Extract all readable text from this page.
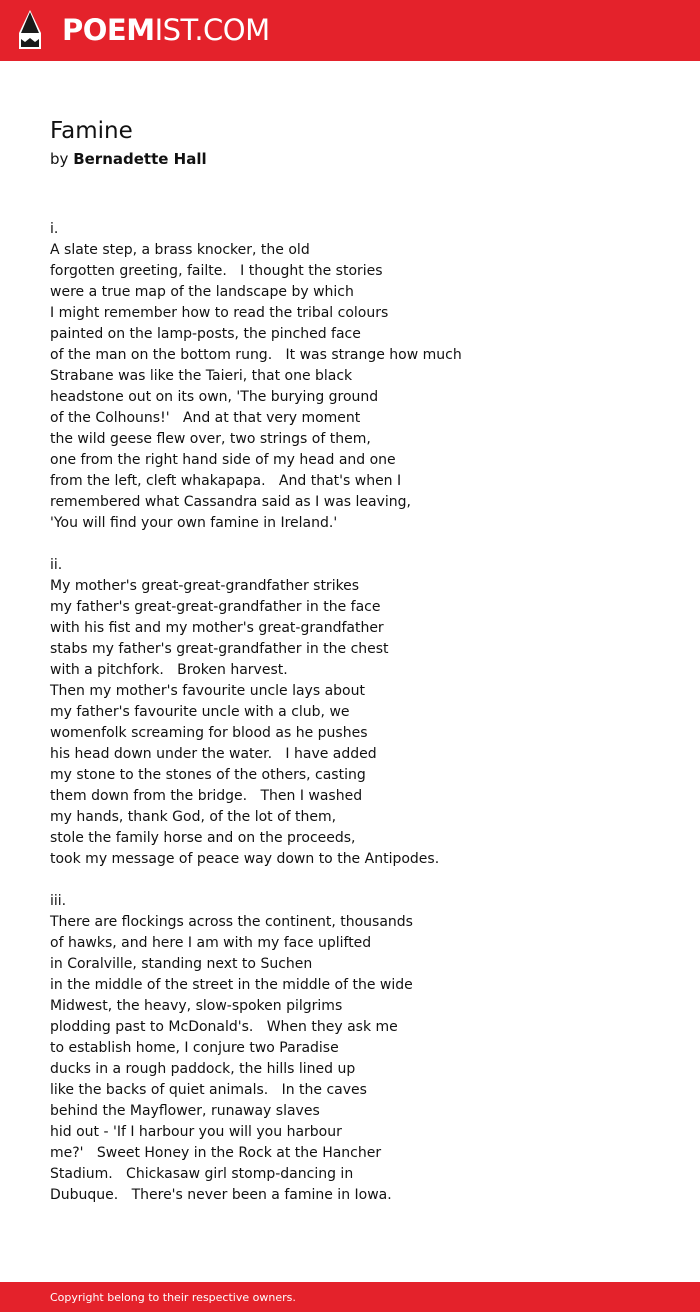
POEMIST.COM
Famine

by Bernadette Hall

i.
A slate step, a brass knocker, the old
forgotten greeting, failte.   I thought the stories
were a true map of the landscape by which
I might remember how to read the tribal colours
painted on the lamp-posts, the pinched face
of the man on the bottom rung.   It was strange how much
Strabane was like the Taieri, that one black
headstone out on its own, 'The burying ground
of the Colhouns!'   And at that very moment
the wild geese flew over, two strings of them,
one from the right hand side of my head and one
from the left, cleft whakapapa.   And that's when I
remembered what Cassandra said as I was leaving,
'You will find your own famine in Ireland.'
ii.
My mother's great-great-grandfather strikes
my father's great-great-grandfather in the face
with his fist and my mother's great-grandfather
stabs my father's great-grandfather in the chest
with a pitchfork.   Broken harvest.
Then my mother's favourite uncle lays about
my father's favourite uncle with a club, we
womenfolk screaming for blood as he pushes
his head down under the water.   I have added
my stone to the stones of the others, casting
them down from the bridge.   Then I washed
my hands, thank God, of the lot of them,
stole the family horse and on the proceeds,
took my message of peace way down to the Antipodes.
iii.
There are flockings across the continent, thousands
of hawks, and here I am with my face uplifted
in Coralville, standing next to Suchen
in the middle of the street in the middle of the wide
Midwest, the heavy, slow-spoken pilgrims
plodding past to McDonald's.   When they ask me
to establish home, I conjure two Paradise
ducks in a rough paddock, the hills lined up
like the backs of quiet animals.   In the caves
behind the Mayflower, runaway slaves
hid out - 'If I harbour you will you harbour
me?'   Sweet Honey in the Rock at the Hancher
Stadium.   Chickasaw girl stomp-dancing in
Dubuque.   There's never been a famine in Iowa.
Copyright belong to their respective owners.
